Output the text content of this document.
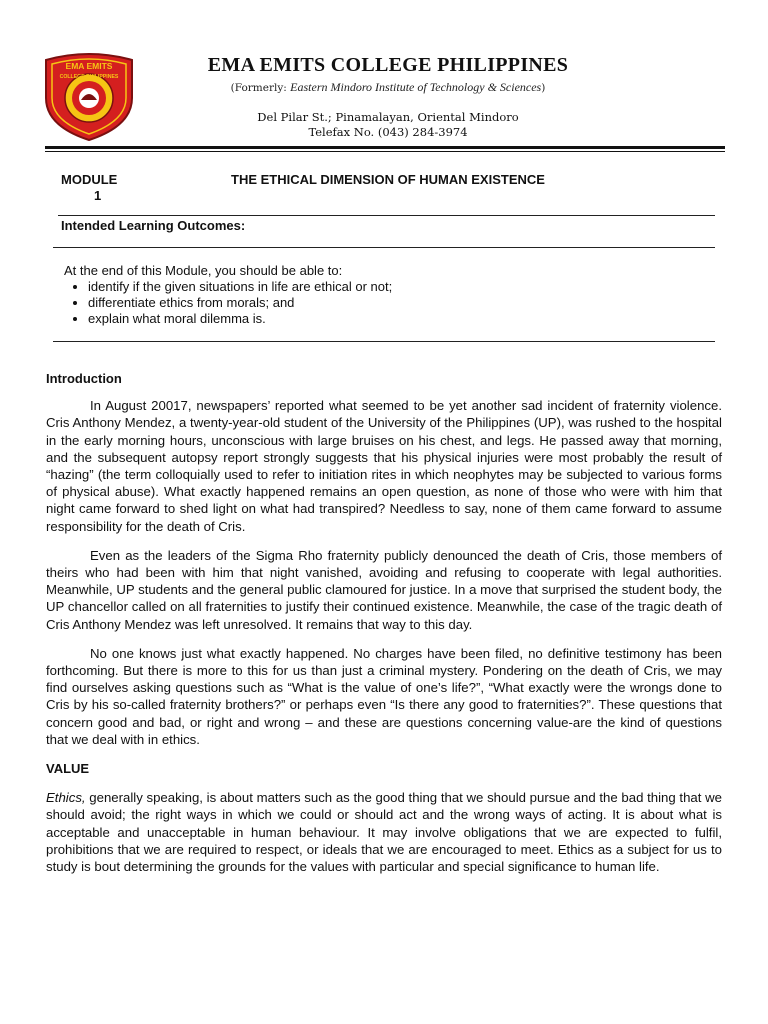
EMA EMITS
COLLEGE PHILIPPINES
EMA EMITS COLLEGE PHILIPPINES
(Formerly: Eastern Mindoro Institute of Technology & Sciences)
Del Pilar St.; Pinamalayan, Oriental Mindoro
Telefax No. (043) 284-3974
MODULE
1
THE ETHICAL DIMENSION OF HUMAN EXISTENCE
Intended Learning Outcomes:
At the end of this Module, you should be able to:
• identify if the given situations in life are ethical or not;
• differentiate ethics from morals; and
• explain what moral dilemma is.
Introduction

In August 20017, newspapers’ reported what seemed to be yet another sad incident of fraternity violence. Cris Anthony Mendez, a twenty-year-old student of the University of the Philippines (UP), was rushed to the hospital in the early morning hours, unconscious with large bruises on his chest, and legs. He passed away that morning, and the subsequent autopsy report strongly suggests that his physical injuries were most probably the result of “hazing” (the term colloquially used to refer to initiation rites in which neophytes may be subjected to various forms of physical abuse). What exactly happened remains an open question, as none of those who were with him that night came forward to shed light on what had transpired? Needless to say, none of them came forward to assume responsibility for the death of Cris.

Even as the leaders of the Sigma Rho fraternity publicly denounced the death of Cris, those members of theirs who had been with him that night vanished, avoiding and refusing to cooperate with legal authorities. Meanwhile, UP students and the general public clamoured for justice. In a move that surprised the student body, the UP chancellor called on all fraternities to justify their continued existence. Meanwhile, the case of the tragic death of Cris Anthony Mendez was left unresolved. It remains that way to this day.

No one knows just what exactly happened. No charges have been filed, no definitive testimony has been forthcoming. But there is more to this for us than just a criminal mystery. Pondering on the death of Cris, we may find ourselves asking questions such as “What is the value of one’s life?”, “What exactly were the wrongs done to Cris by his so-called fraternity brothers?” or perhaps even “Is there any good to fraternities?”. These questions that concern good and bad, or right and wrong – and these are questions concerning value-are the kind of questions that we deal with in ethics.

VALUE

Ethics, generally speaking, is about matters such as the good thing that we should pursue and the bad thing that we should avoid; the right ways in which we could or should act and the wrong ways of acting. It is about what is acceptable and unacceptable in human behaviour. It may involve obligations that we are expected to fulfil, prohibitions that we are required to respect, or ideals that we are encouraged to meet. Ethics as a subject for us to study is bout determining the grounds for the values with particular and special significance to human life.
